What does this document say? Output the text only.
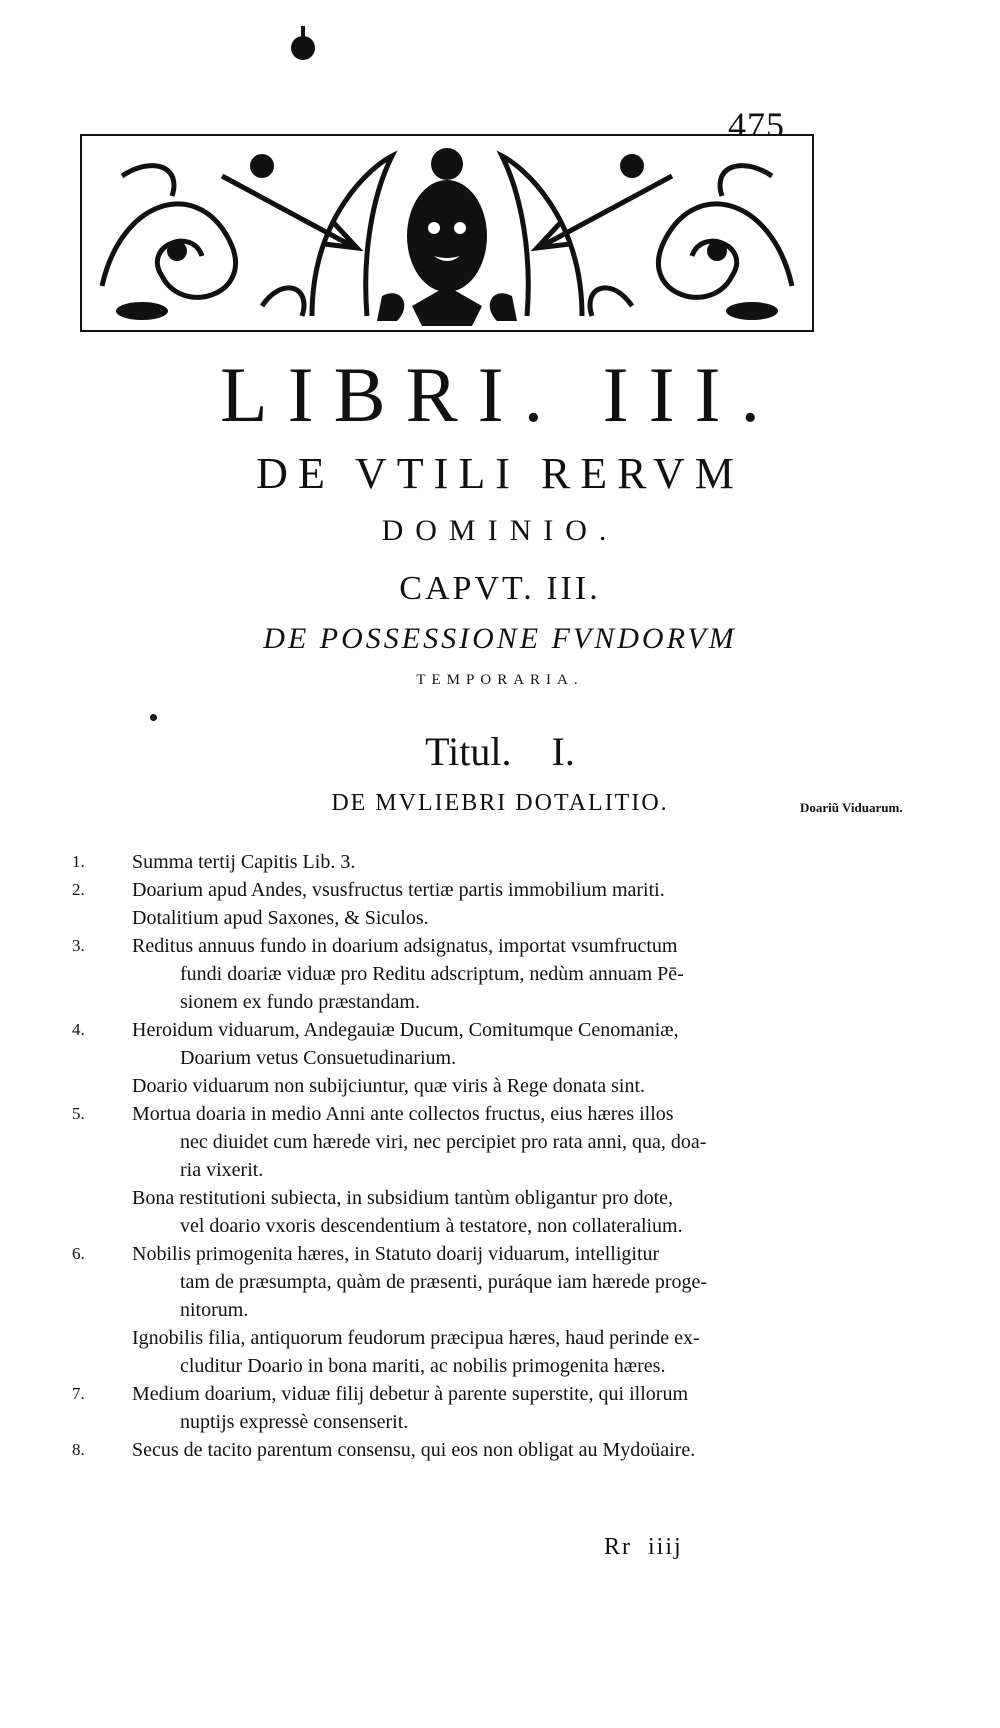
475
LIBRI. III.
DE VTILI RERVM
DOMINIO.
CAPVT. III.
DE POSSESSIONE FVNDORVM
TEMPORARIA.
Titul. I.
DE MVLIEBRI DOTALITIO.	Doariũ Viduarum.
1. Summa tertij Capitis Lib. 3.
2. Doarium apud Andes, vsusfructus tertiæ partis immobilium mariti.
Dotalitium apud Saxones, & Siculos.
3. Reditus annuus fundo in doarium adsignatus, importat vsumfructum
fundi doariæ viduæ pro Reditu adscriptum, nedùm annuam Pē-
sionem ex fundo præstandam.
4. Heroidum viduarum, Andegauiæ Ducum, Comitumque Cenomaniæ,
Doarium vetus Consuetudinarium.
Doario viduarum non subijciuntur, quæ viris à Rege donata sint.
5. Mortua doaria in medio Anni ante collectos fructus, eius hæres illos
nec diuidet cum hærede viri, nec percipiet pro rata anni, qua, doa-
ria vixerit.
Bona restitutioni subiecta, in subsidium tantùm obligantur pro dote,
vel doario vxoris descendentium à testatore, non collateralium.
6. Nobilis primogenita hæres, in Statuto doarij viduarum, intelligitur
tam de præsumpta, quàm de præsenti, puráque iam hærede proge-
nitorum.
Ignobilis filia, antiquorum feudorum præcipua hæres, haud perinde ex-
cluditur Doario in bona mariti, ac nobilis primogenita hæres.
7. Medium doarium, viduæ filij debetur à parente superstite, qui illorum
nuptijs expressè consenserit.
8. Secus de tacito parentum consensu, qui eos non obligat au Mydoüaire.
Rr iiij
